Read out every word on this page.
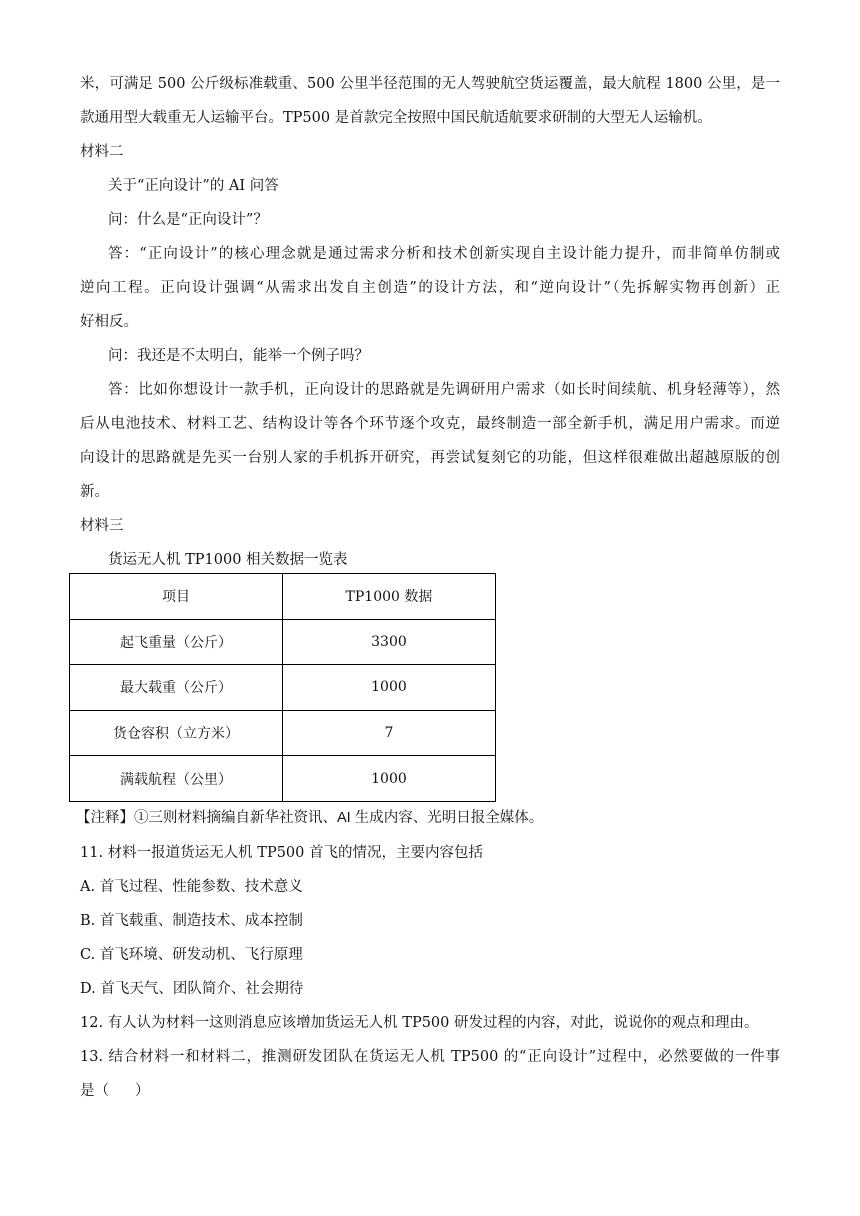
米，可满足 500 公斤级标准载重、500 公里半径范围的无人驾驶航空货运覆盖，最大航程 1800 公里，是一
款通用型大载重无人运输平台。TP500 是首款完全按照中国民航适航要求研制的大型无人运输机。
材料二
关于“正向设计”的 AI 问答
问：什么是“正向设计”？
答：“正向设计”的核心理念就是通过需求分析和技术创新实现自主设计能力提升，而非简单仿制或
逆向工程。正向设计强调“从需求出发自主创造”的设计方法，和“逆向设计”（先拆解实物再创新）正
好相反。
问：我还是不太明白，能举一个例子吗？
答：比如你想设计一款手机，正向设计的思路就是先调研用户需求（如长时间续航、机身轻薄等），然
后从电池技术、材料工艺、结构设计等各个环节逐个攻克，最终制造一部全新手机，满足用户需求。而逆
向设计的思路就是先买一台别人家的手机拆开研究，再尝试复刻它的功能，但这样很难做出超越原版的创
新。
材料三
货运无人机 TP1000 相关数据一览表
项目	TP1000 数据
起飞重量（公斤）	3300
最大载重（公斤）	1000
货仓容积（立方米）	7
满载航程（公里）	1000
【注释】①三则材料摘编自新华社资讯、AI 生成内容、光明日报全媒体。
11. 材料一报道货运无人机 TP500 首飞的情况，主要内容包括
A. 首飞过程、性能参数、技术意义
B. 首飞载重、制造技术、成本控制
C. 首飞环境、研发动机、飞行原理
D. 首飞天气、团队简介、社会期待
12. 有人认为材料一这则消息应该增加货运无人机 TP500 研发过程的内容，对此，说说你的观点和理由。
13. 结合材料一和材料二，推测研发团队在货运无人机 TP500 的“正向设计”过程中，必然要做的一件事
是（ ）
